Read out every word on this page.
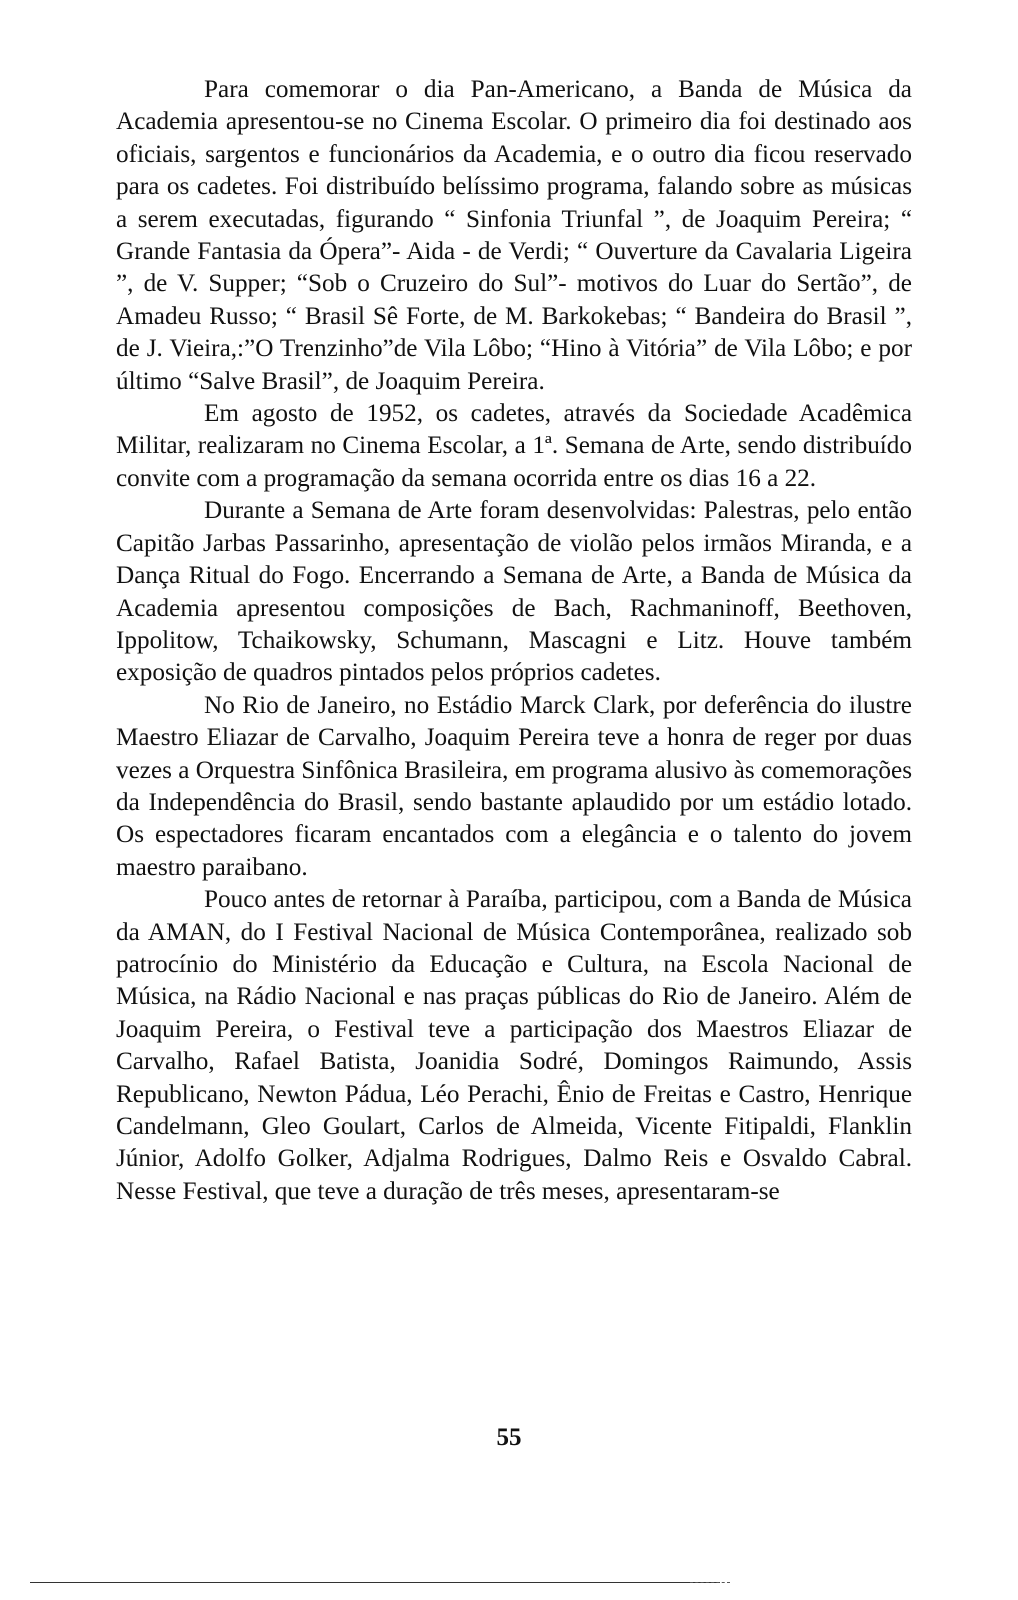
Para comemorar o dia Pan-Americano, a Banda de Música da Academia apresentou-se no Cinema Escolar. O primeiro dia foi destinado aos oficiais, sargentos e funcionários da Academia, e o outro dia ficou reservado para os cadetes. Foi distribuído belíssimo programa, falando sobre as músicas a serem executadas, figurando “ Sinfonia Triunfal ”, de Joaquim Pereira; “ Grande Fantasia da Ópera”- Aida - de Verdi; “ Ouverture da Cavalaria Ligeira ”, de V. Supper; “Sob o Cruzeiro do Sul”- motivos do Luar do Sertão”, de Amadeu Russo; “ Brasil Sê Forte, de M. Barkokebas; “ Bandeira do Brasil ”, de J. Vieira,:”O Trenzinho”de Vila Lôbo; “Hino à Vitória” de Vila Lôbo; e por último “Salve Brasil”, de Joaquim Pereira.

Em agosto de 1952, os cadetes, através da Sociedade Acadêmica Militar, realizaram no Cinema Escolar, a 1ª. Semana de Arte, sendo distribuído convite com a programação da semana ocorrida entre os dias 16 a 22.

Durante a Semana de Arte foram desenvolvidas: Palestras, pelo então Capitão Jarbas Passarinho, apresentação de violão pelos irmãos Miranda, e a Dança Ritual do Fogo. Encerrando a Semana de Arte, a Banda de Música da Academia apresentou composições de Bach, Rachmaninoff, Beethoven, Ippolitow, Tchaikowsky, Schumann, Mascagni e Litz. Houve também exposição de quadros pintados pelos próprios cadetes.

No Rio de Janeiro, no Estádio Marck Clark, por deferência do ilustre Maestro Eliazar de Carvalho, Joaquim Pereira teve a honra de reger por duas vezes a Orquestra Sinfônica Brasileira, em programa alusivo às comemorações da Independência do Brasil, sendo bastante aplaudido por um estádio lotado. Os espectadores ficaram encantados com a elegância e o talento do jovem maestro paraibano.

Pouco antes de retornar à Paraíba, participou, com a Banda de Música da AMAN, do I Festival Nacional de Música Contemporânea, realizado sob patrocínio do Ministério da Educação e Cultura, na Escola Nacional de Música, na Rádio Nacional e nas praças públicas do Rio de Janeiro. Além de Joaquim Pereira, o Festival teve a participação dos Maestros Eliazar de Carvalho, Rafael Batista, Joanidia Sodré, Domingos Raimundo, Assis Republicano, Newton Pádua, Léo Perachi, Ênio de Freitas e Castro, Henrique Candelmann, Gleo Goulart, Carlos de Almeida, Vicente Fitipaldi, Flanklin Júnior, Adolfo Golker, Adjalma Rodrigues, Dalmo Reis e Osvaldo Cabral. Nesse Festival, que teve a duração de três meses, apresentaram-se

55
